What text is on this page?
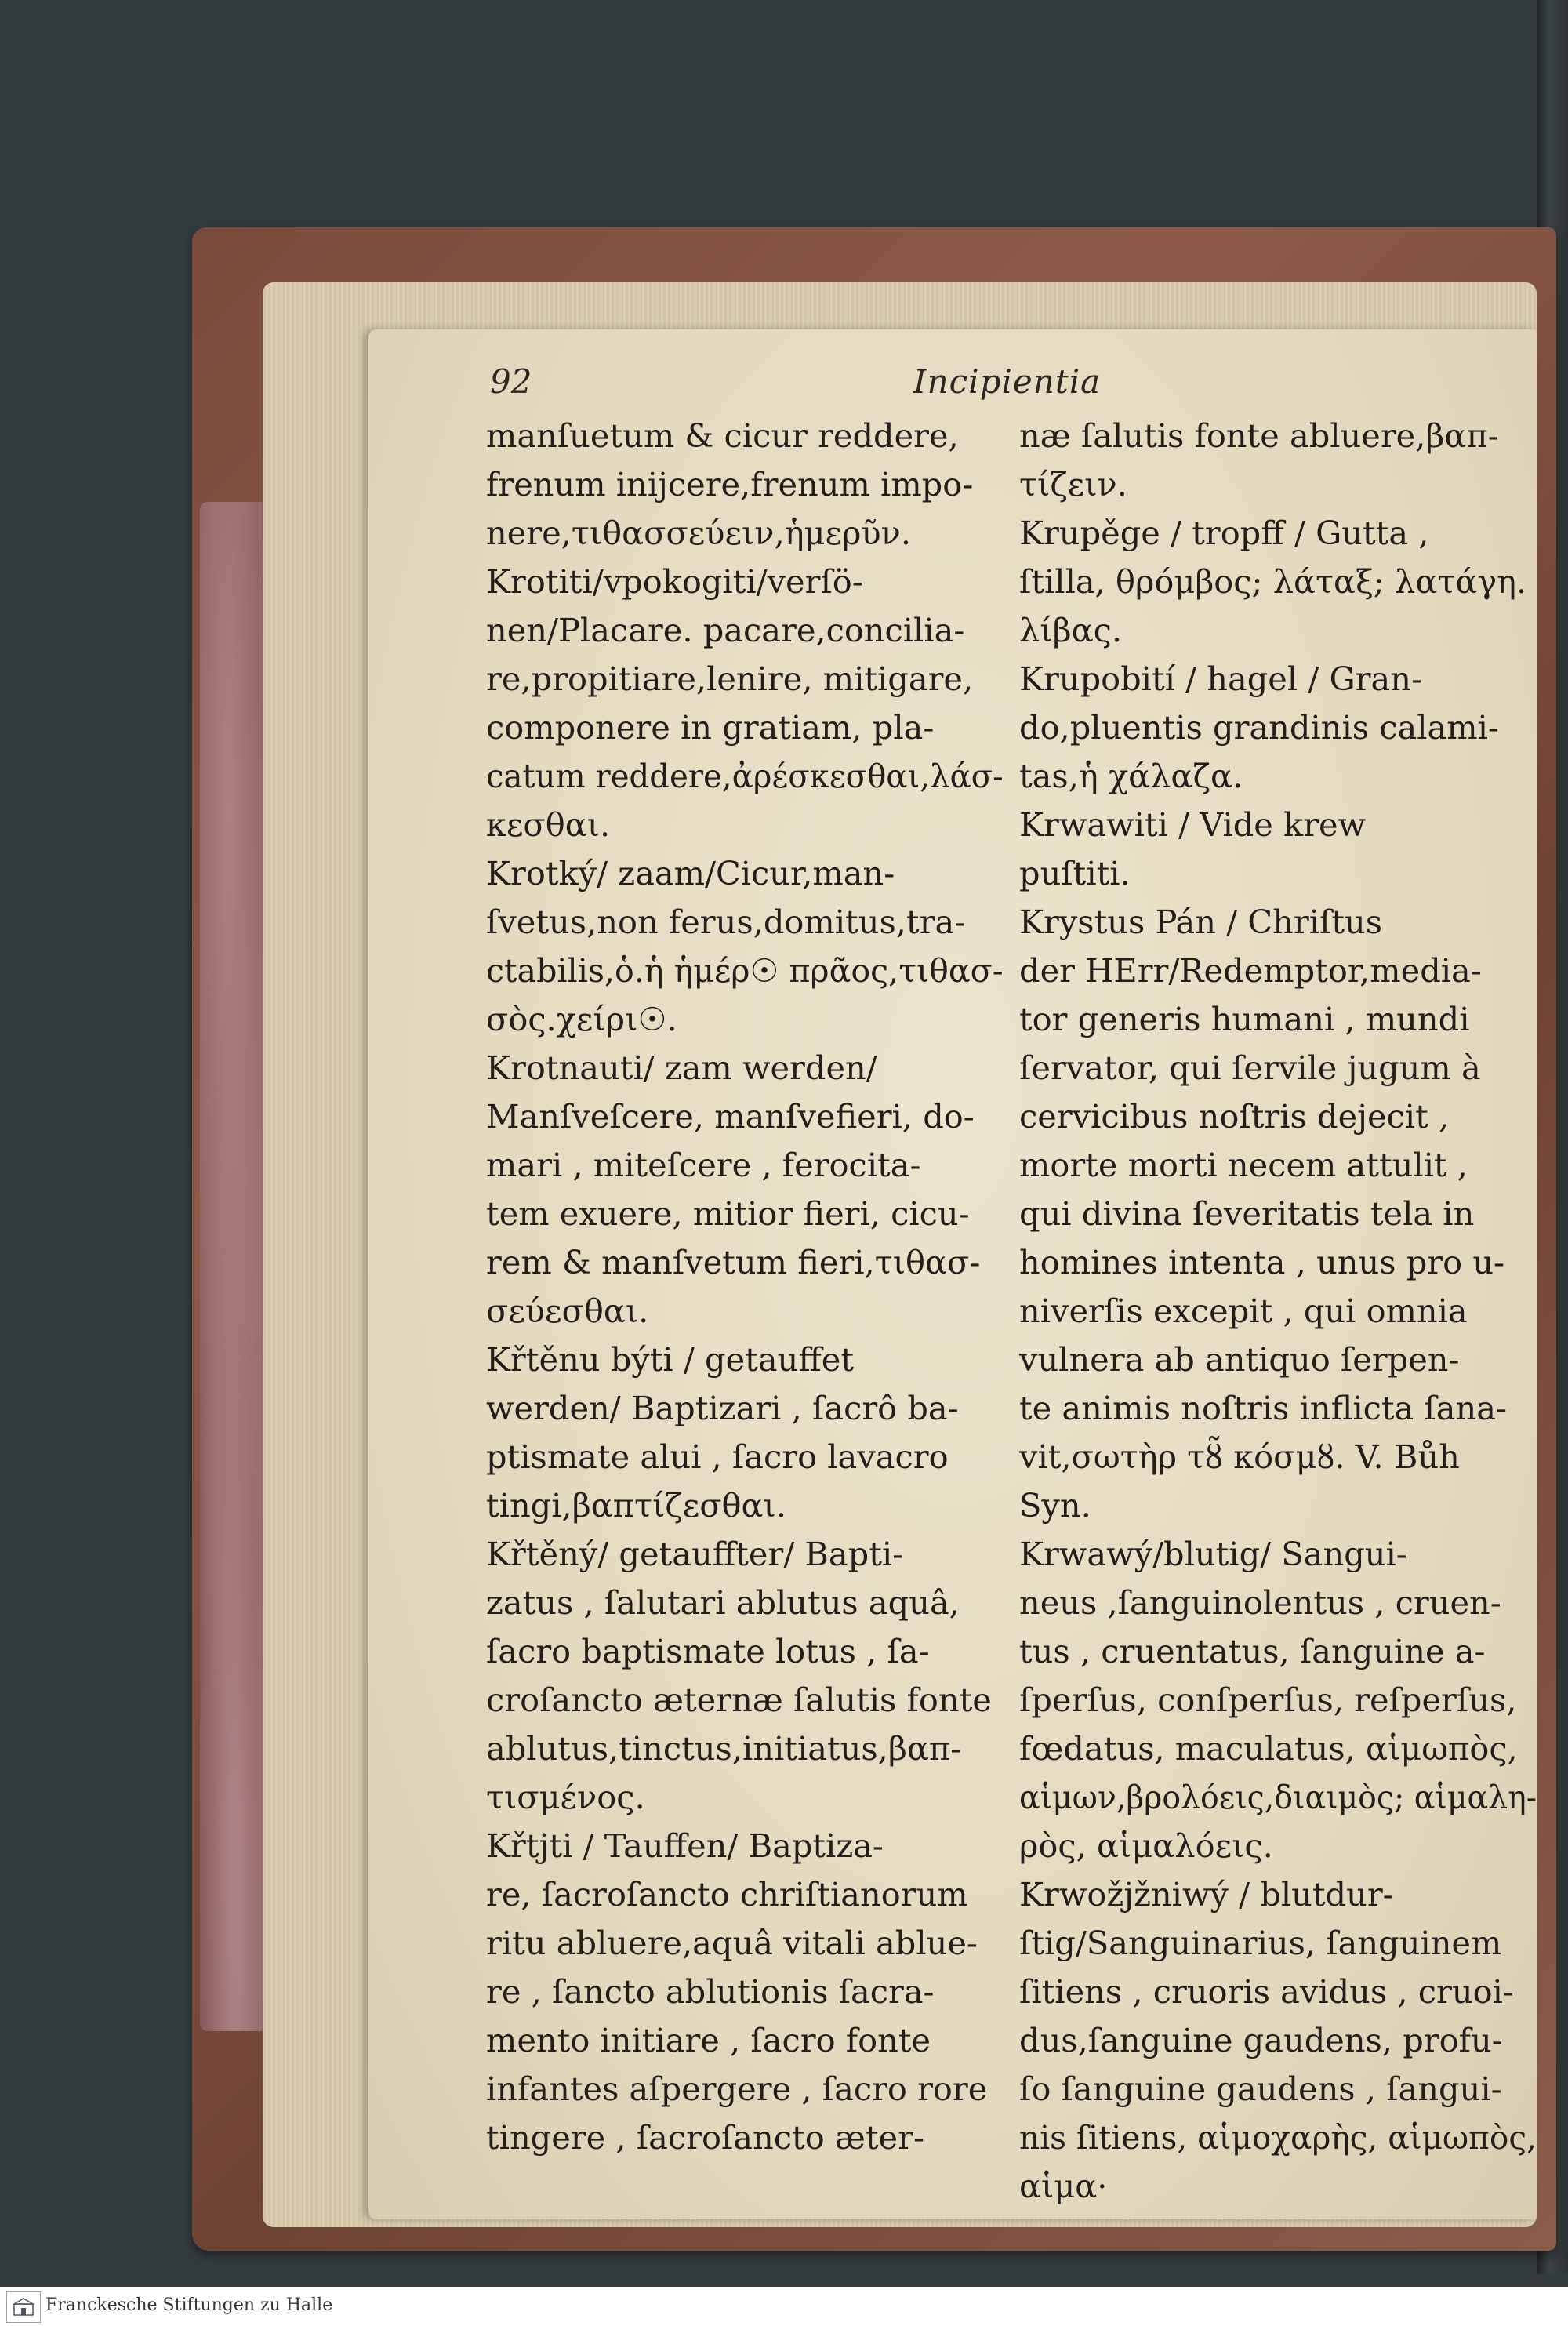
92	Incipientia
manſuetum & cicur reddere,
frenum inijcere,frenum impo-
nere,τιθασσεύειν,ἡμερῦν.
Krotiti/vpokogiti/verſö-
nen/Placare. pacare,concilia-
re,propitiare,lenire, mitigare,
componere in gratiam, pla-
catum reddere,ἀρέσκεσθαι,λάσ-
κεσθαι.
Krotký/ zaam/Cicur,man-
ſvetus,non ferus,domitus,tra-
ctabilis,ὁ.ἡ ἡμέρ☉ πρᾶος,τιθασ-
σὸς.χείρι☉.
Krotnauti/ zam werden/
Manſveſcere, manſvefieri, do-
mari , miteſcere , ferocita-
tem exuere, mitior fieri, cicu-
rem & manſvetum fieri,τιθασ-
σεύεσθαι.
Křtěnu býti / getauffet
werden/ Baptizari , ſacrô ba-
ptismate alui , ſacro lavacro
tingi,βαπτίζεσθαι.
Křtěný/ getauffter/ Bapti-
zatus , ſalutari ablutus aquâ,
ſacro baptismate lotus , ſa-
croſancto æternæ ſalutis fonte
ablutus,tinctus,initiatus,βαπ-
τισμένος.
Křtjti / Tauffen/ Baptiza-
re, ſacroſancto chriſtianorum
ritu abluere,aquâ vitali ablue-
re , ſancto ablutionis ſacra-
mento initiare , ſacro fonte
infantes aſpergere , ſacro rore
tingere , ſacroſancto æter-
næ ſalutis fonte abluere,βαπ-
τίζειν.
Krupěge / tropff / Gutta ,
ſtilla, θρόμβος; λάταξ; λατάγη.
λίβας.
Krupobití / hagel / Gran-
do,pluentis grandinis calami-
tas,ἡ χάλαζα.
Krwawiti / Vide krew
puſtiti.
Krystus Pán / Chriſtus
der HErr/Redemptor,media-
tor generis humani , mundi
ſervator, qui ſervile jugum à
cervicibus noſtris dejecit ,
morte morti necem attulit ,
qui divina ſeveritatis tela in
homines intenta , unus pro u-
niverſis excepit , qui omnia
vulnera ab antiquo ſerpen-
te animis noſtris inflicta ſana-
vit,σωτὴρ τȣ̃ κόσμȣ. V. Bůh
Syn.
Krwawý/blutig/ Sangui-
neus ,ſanguinolentus , cruen-
tus , cruentatus, ſanguine a-
ſperſus, conſperſus, reſperſus,
fœdatus, maculatus, αἱμωπὸς,
αἱμων,βρολόεις,διαιμὸς; αἱμαλη-
ρὸς, αἱμαλόεις.
Krwožjžniwý / blutdur-
ſtig/Sanguinarius, ſanguinem
ſitiens , cruoris avidus , cruoi-
dus,ſanguine gaudens, profu-
ſo ſanguine gaudens , ſangui-
nis ſitiens, αἱμοχαρὴς, αἱμωπὸς,
αἱμα·
Franckesche Stiftungen zu Halle
